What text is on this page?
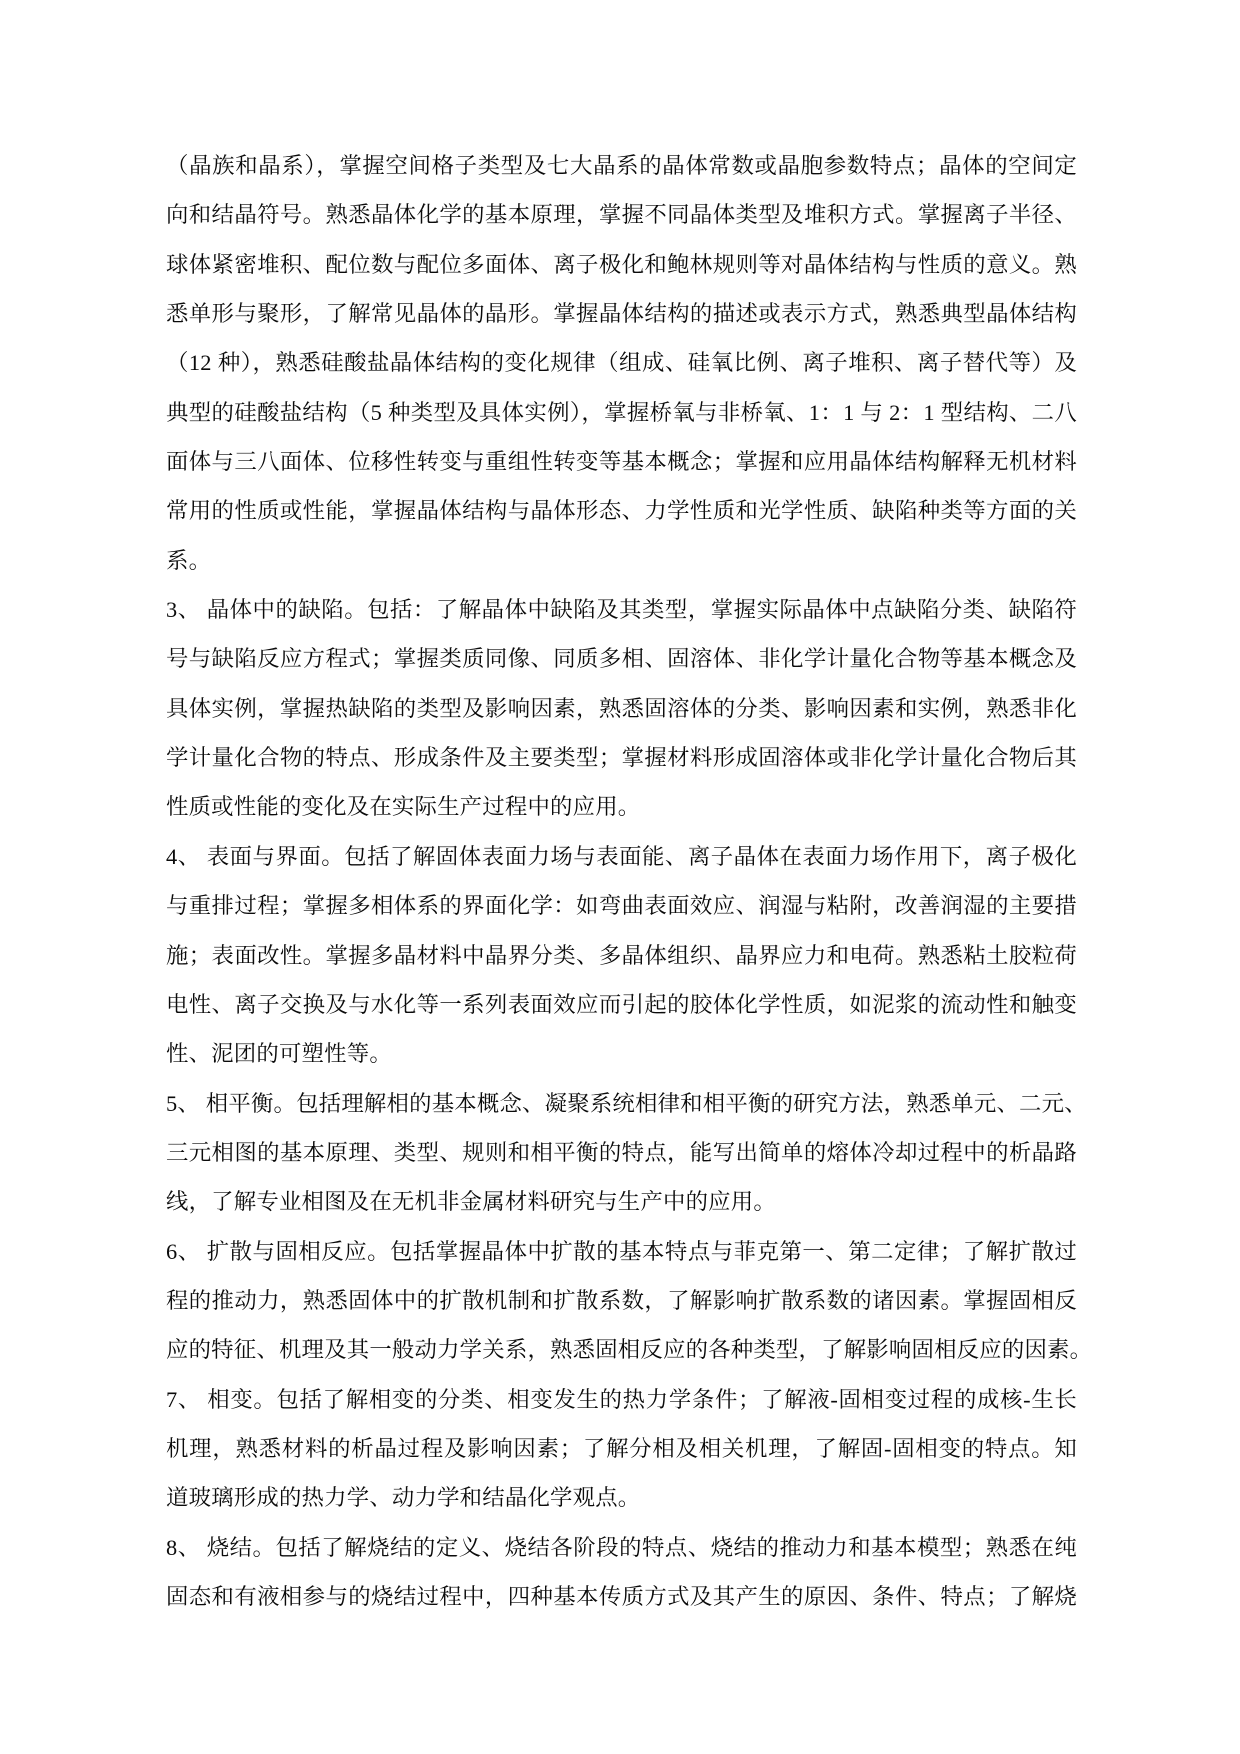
（晶族和晶系），掌握空间格子类型及七大晶系的晶体常数或晶胞参数特点；晶体的空间定
向和结晶符号。熟悉晶体化学的基本原理，掌握不同晶体类型及堆积方式。掌握离子半径、
球体紧密堆积、配位数与配位多面体、离子极化和鲍林规则等对晶体结构与性质的意义。熟
悉单形与聚形，了解常见晶体的晶形。掌握晶体结构的描述或表示方式，熟悉典型晶体结构
（12 种），熟悉硅酸盐晶体结构的变化规律（组成、硅氧比例、离子堆积、离子替代等）及
典型的硅酸盐结构（5 种类型及具体实例），掌握桥氧与非桥氧、1：1 与 2：1 型结构、二八
面体与三八面体、位移性转变与重组性转变等基本概念；掌握和应用晶体结构解释无机材料
常用的性质或性能，掌握晶体结构与晶体形态、力学性质和光学性质、缺陷种类等方面的关
系。
3、 晶体中的缺陷。包括：了解晶体中缺陷及其类型，掌握实际晶体中点缺陷分类、缺陷符
号与缺陷反应方程式；掌握类质同像、同质多相、固溶体、非化学计量化合物等基本概念及
具体实例，掌握热缺陷的类型及影响因素，熟悉固溶体的分类、影响因素和实例，熟悉非化
学计量化合物的特点、形成条件及主要类型；掌握材料形成固溶体或非化学计量化合物后其
性质或性能的变化及在实际生产过程中的应用。
4、 表面与界面。包括了解固体表面力场与表面能、离子晶体在表面力场作用下，离子极化
与重排过程；掌握多相体系的界面化学：如弯曲表面效应、润湿与粘附，改善润湿的主要措
施；表面改性。掌握多晶材料中晶界分类、多晶体组织、晶界应力和电荷。熟悉粘土胶粒荷
电性、离子交换及与水化等一系列表面效应而引起的胶体化学性质，如泥浆的流动性和触变
性、泥团的可塑性等。
5、 相平衡。包括理解相的基本概念、凝聚系统相律和相平衡的研究方法，熟悉单元、二元、
三元相图的基本原理、类型、规则和相平衡的特点，能写出简单的熔体冷却过程中的析晶路
线，了解专业相图及在无机非金属材料研究与生产中的应用。
6、 扩散与固相反应。包括掌握晶体中扩散的基本特点与菲克第一、第二定律；了解扩散过
程的推动力，熟悉固体中的扩散机制和扩散系数，了解影响扩散系数的诸因素。掌握固相反
应的特征、机理及其一般动力学关系，熟悉固相反应的各种类型，了解影响固相反应的因素。
7、 相变。包括了解相变的分类、相变发生的热力学条件；了解液-固相变过程的成核-生长
机理，熟悉材料的析晶过程及影响因素；了解分相及相关机理，了解固-固相变的特点。知
道玻璃形成的热力学、动力学和结晶化学观点。
8、 烧结。包括了解烧结的定义、烧结各阶段的特点、烧结的推动力和基本模型；熟悉在纯
固态和有液相参与的烧结过程中，四种基本传质方式及其产生的原因、条件、特点；了解烧
